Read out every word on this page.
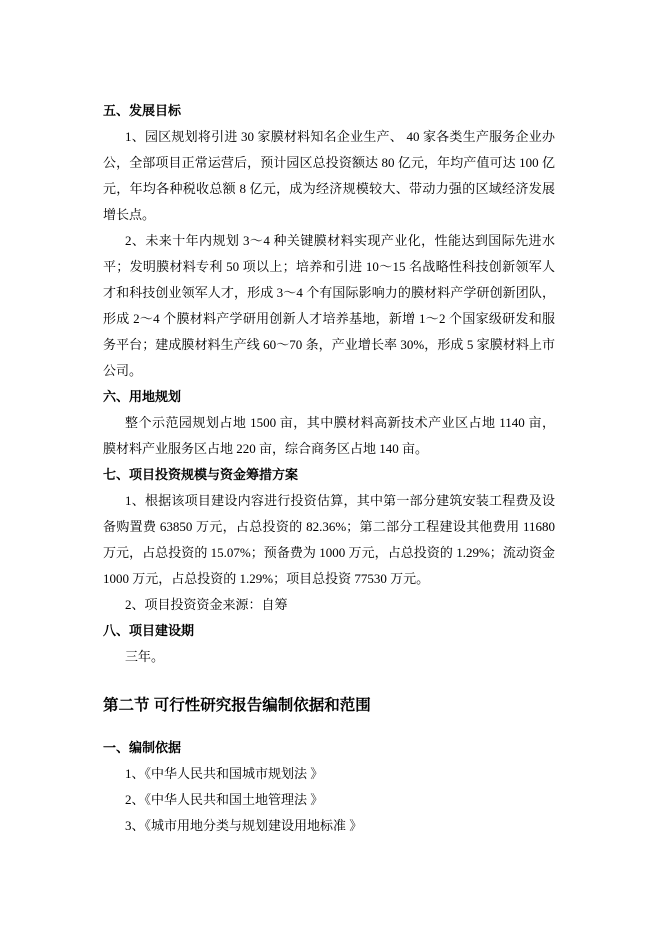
五、发展目标
1、园区规划将引进 30 家膜材料知名企业生产、 40 家各类生产服务企业办
公，全部项目正常运营后，预计园区总投资额达 80 亿元，年均产值可达 100 亿
元，年均各种税收总额 8 亿元，成为经济规模较大、带动力强的区域经济发展
增长点。
2、未来十年内规划 3～4 种关键膜材料实现产业化，性能达到国际先进水
平；发明膜材料专利 50 项以上；培养和引进 10～15 名战略性科技创新领军人
才和科技创业领军人才，形成 3～4 个有国际影响力的膜材料产学研创新团队，
形成 2～4 个膜材料产学研用创新人才培养基地，新增 1～2 个国家级研发和服
务平台；建成膜材料生产线 60～70 条，产业增长率 30%，形成 5 家膜材料上市
公司。
六、用地规划
整个示范园规划占地 1500 亩，其中膜材料高新技术产业区占地 1140 亩，
膜材料产业服务区占地 220 亩，综合商务区占地 140 亩。
七、项目投资规模与资金筹措方案
1、根据该项目建设内容进行投资估算，其中第一部分建筑安装工程费及设
备购置费 63850 万元，占总投资的 82.36%；第二部分工程建设其他费用 11680
万元，占总投资的 15.07%；预备费为 1000 万元，占总投资的 1.29%；流动资金
1000 万元，占总投资的 1.29%；项目总投资 77530 万元。
2、项目投资资金来源：自筹
八、项目建设期
三年。
第二节 可行性研究报告编制依据和范围
一、编制依据
1、《中华人民共和国城市规划法 》
2、《中华人民共和国土地管理法 》
3、《城市用地分类与规划建设用地标准 》
